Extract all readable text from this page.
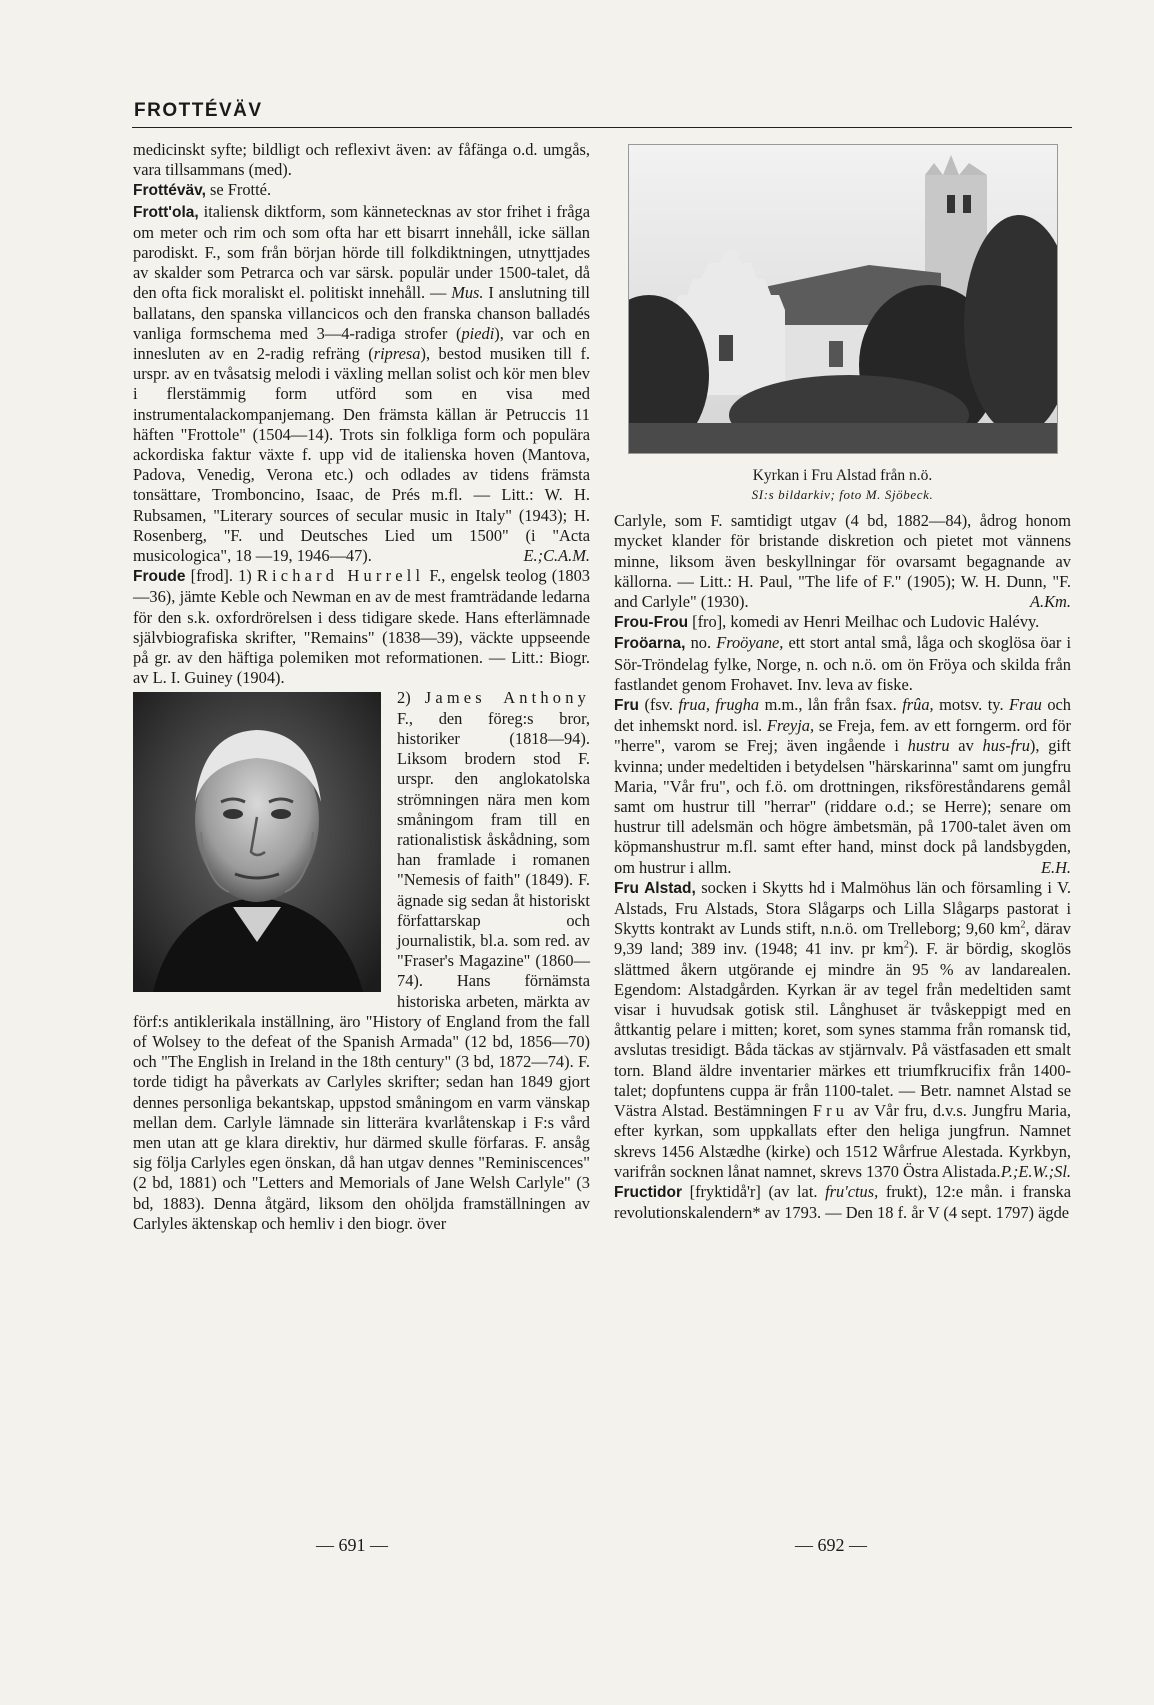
FROTTÉVÄV

medicinskt syfte; bildligt och reflexivt även: av fåfänga o.d. umgås, vara tillsammans (med).

Frottéväv, se Frotté.

Frott'ola, italiensk diktform, som kännetecknas av stor frihet i fråga om meter och rim och som ofta har ett bisarrt innehåll, icke sällan parodiskt. F., som från början hörde till folkdiktningen, utnyttjades av skalder som Petrarca och var särsk. populär under 1500-talet, då den ofta fick moraliskt el. politiskt innehåll. — Mus. I anslutning till ballatans, den spanska villancicos och den franska chanson balladés vanliga formschema med 3—4-radiga strofer (piedi), var och en innesluten av en 2-radig refräng (ripresa), bestod musiken till f. urspr. av en tvåsatsig melodi i växling mellan solist och kör men blev i flerstämmig form utförd som en visa med instrumentalackompanjemang. Den främsta källan är Petruccis 11 häften "Frottole" (1504—14). Trots sin folkliga form och populära ackordiska faktur växte f. upp vid de italienska hoven (Mantova, Padova, Venedig, Verona etc.) och odlades av tidens främsta tonsättare, Tromboncino, Isaac, de Prés m.fl. — Litt.: W. H. Rubsamen, "Literary sources of secular music in Italy" (1943); H. Rosenberg, "F. und Deutsches Lied um 1500" (i "Acta musicologica", 18 —19, 1946—47).	E.;C.A.M.

Froude [frod]. 1) Richard Hurrell F., engelsk teolog (1803—36), jämte Keble och Newman en av de mest framträdande ledarna för den s.k. oxfordrörelsen i dess tidigare skede. Hans efterlämnade självbiografiska skrifter, "Remains" (1838—39), väckte uppseende på gr. av den häftiga polemiken mot reformationen. — Litt.: Biogr. av L. I. Guiney (1904).

2) James Anthony
F., den föreg:s bror, historiker (1818—94). Liksom brodern stod F. urspr. den anglokatolska strömningen nära men kom småningom fram till en rationalistisk åskådning, som han framlade i romanen "Nemesis of faith" (1849). F. ägnade sig sedan åt historiskt författarskap och journalistik, bl.a. som red. av "Fraser's Magazine" (1860—74). Hans förnämsta historiska arbeten, märkta av förf:s antiklerikala inställning, äro "History of England from the fall of Wolsey to the defeat of the Spanish Armada" (12 bd, 1856—70) och "The English in Ireland in the 18th century" (3 bd, 1872—74). F. torde tidigt ha påverkats av Carlyles skrifter; sedan han 1849 gjort dennes personliga bekantskap, uppstod småningom en varm vänskap mellan dem. Carlyle lämnade sin litterära kvarlåtenskap i F:s vård men utan att ge klara direktiv, hur därmed skulle förfaras. F. ansåg sig följa Carlyles egen önskan, då han utgav dennes "Reminiscences" (2 bd, 1881) och "Letters and Memorials of Jane Welsh Carlyle" (3 bd, 1883). Denna åtgärd, liksom den ohöljda framställningen av Carlyles äktenskap och hemliv i den biogr. över

Kyrkan i Fru Alstad från n.ö.
SI:s bildarkiv; foto M. Sjöbeck.

Carlyle, som F. samtidigt utgav (4 bd, 1882—84), ådrog honom mycket klander för bristande diskretion och pietet mot vännens minne, liksom även beskyllningar för ovarsamt begagnande av källorna. — Litt.: H. Paul, "The life of F." (1905); W. H. Dunn, "F. and Carlyle" (1930).	A.Km.

Frou-Frou [fro], komedi av Henri Meilhac och Ludovic Halévy.

Froöarna, no. Froöyane, ett stort antal små, låga och skoglösa öar i Sör-Tröndelag fylke, Norge, n. och n.ö. om ön Fröya och skilda från fastlandet genom Frohavet. Inv. leva av fiske.

Fru (fsv. frua, frugha m.m., lån från fsax. frûa, motsv. ty. Frau och det inhemskt nord. isl. Freyja, se Freja, fem. av ett forngerm. ord för "herre", varom se Frej; även ingående i hustru av hus-fru), gift kvinna; under medeltiden i betydelsen "härskarinna" samt om jungfru Maria, "Vår fru", och f.ö. om drottningen, riksföreståndarens gemål samt om hustrur till "herrar" (riddare o.d.; se Herre); senare om hustrur till adelsmän och högre ämbetsmän, på 1700-talet även om köpmanshustrur m.fl. samt efter hand, minst dock på landsbygden, om hustrur i allm.	E.H.

Fru Alstad, socken i Skytts hd i Malmöhus län och församling i V. Alstads, Fru Alstads, Stora Slågarps och Lilla Slågarps pastorat i Skytts kontrakt av Lunds stift, n.n.ö. om Trelleborg; 9,60 $km^2$, därav 9,39 land; 389 inv. (1948; 41 inv. pr $km^2$). F. är bördig, skoglös slättmed åkern utgörande ej mindre än 95 % av landarealen. Egendom: Alstadgården. Kyrkan är av tegel från medeltiden samt visar i huvudsak gotisk stil. Långhuset är tvåskeppigt med en åttkantig pelare i mitten; koret, som synes stamma från romansk tid, avslutas tresidigt. Båda täckas av stjärnvalv. På västfasaden ett smalt torn. Bland äldre inventarier märkes ett triumfkrucifix från 1400-talet; dopfuntens cuppa är från 1100-talet. — Betr. namnet Alstad se Västra Alstad. Bestämningen Fru av Vår fru, d.v.s. Jungfru Maria, efter kyrkan, som uppkallats efter den heliga jungfrun. Namnet skrevs 1456 Alstædhe (kirke) och 1512 Wårfrue Alestada. Kyrkbyn, varifrån socknen lånat namnet, skrevs 1370 Östra Alistada. P.;E.W.;Sl.

Fructidor [fryktidå'r] (av lat. fru'ctus, frukt), 12:e mån. i franska revolutionskalendern* av 1793. — Den 18 f. år V (4 sept. 1797) ägde

— 691 —	— 692 —
